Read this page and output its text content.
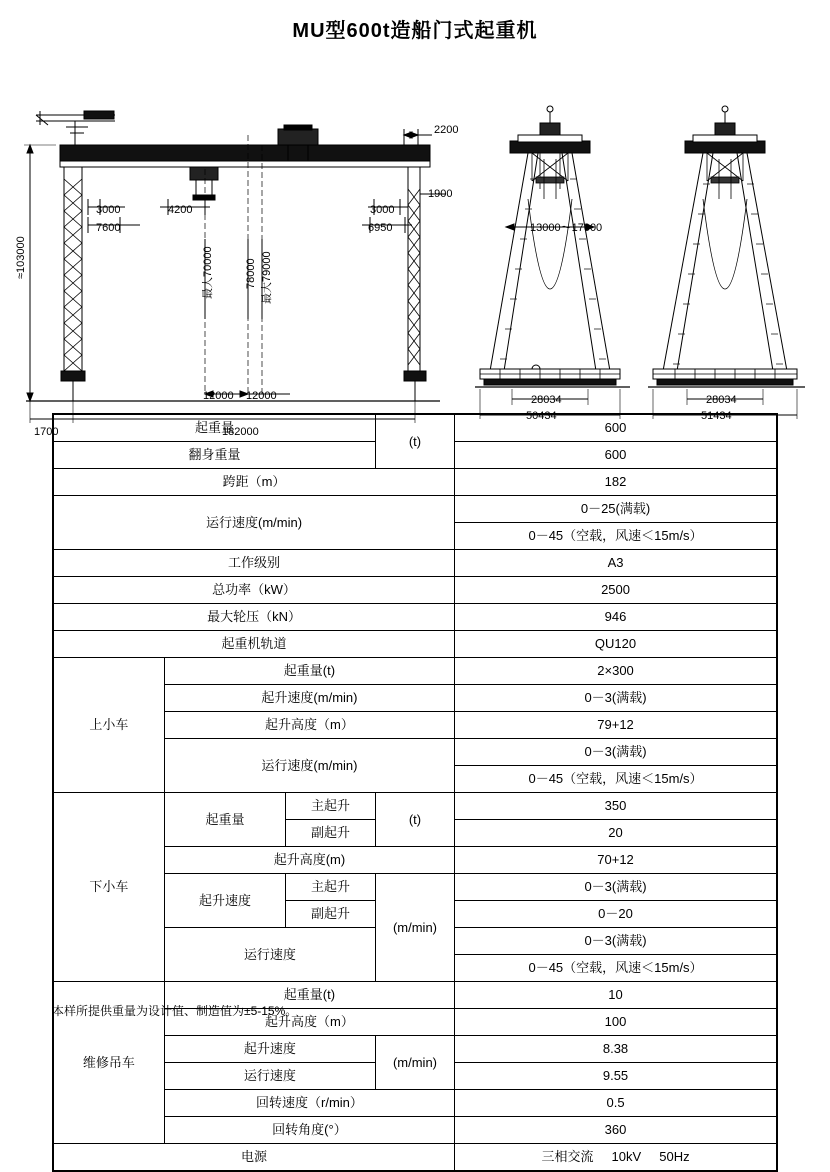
MU型600t造船门式起重机
2200
1900
3000
7600
4200	3000
6950
12000 12000
1700	182000
13000～17000
28034
50434
28034
51434
≈103000	最大70000	78000 最大79000
起重量			(t)	600
翻身重量				600
跨距（m）				182
运行速度(m/min)				0－25(满载)
				0－45（空载，风速＜15m/s）
工作级别				A3
总功率（kW）				2500
最大轮压（kN）				946
起重机轨道				QU120
上小车	起重量(t)			2×300
	起升速度(m/min)			0－3(满载)
	起升高度（m）			79+12
	运行速度(m/min)			0－3(满载)
				0－45（空载，风速＜15m/s）
下小车	起重量	主起升	(t)	350
		副起升		20
	起升高度(m)			70+12
	起升速度	主起升	(m/min)	0－3(满载)
		副起升		0－20
	运行速度			0－3(满载)
				0－45（空载，风速＜15m/s）
维修吊车	起重量(t)			10
	起升高度（m）			100
	起升速度		(m/min)	8.38
	运行速度			9.55
	回转速度（r/min）			0.5
	回转角度(°）			360
电源				三相交流 10kV 50Hz
本样所提供重量为设计值、制造值为±5-15%。
